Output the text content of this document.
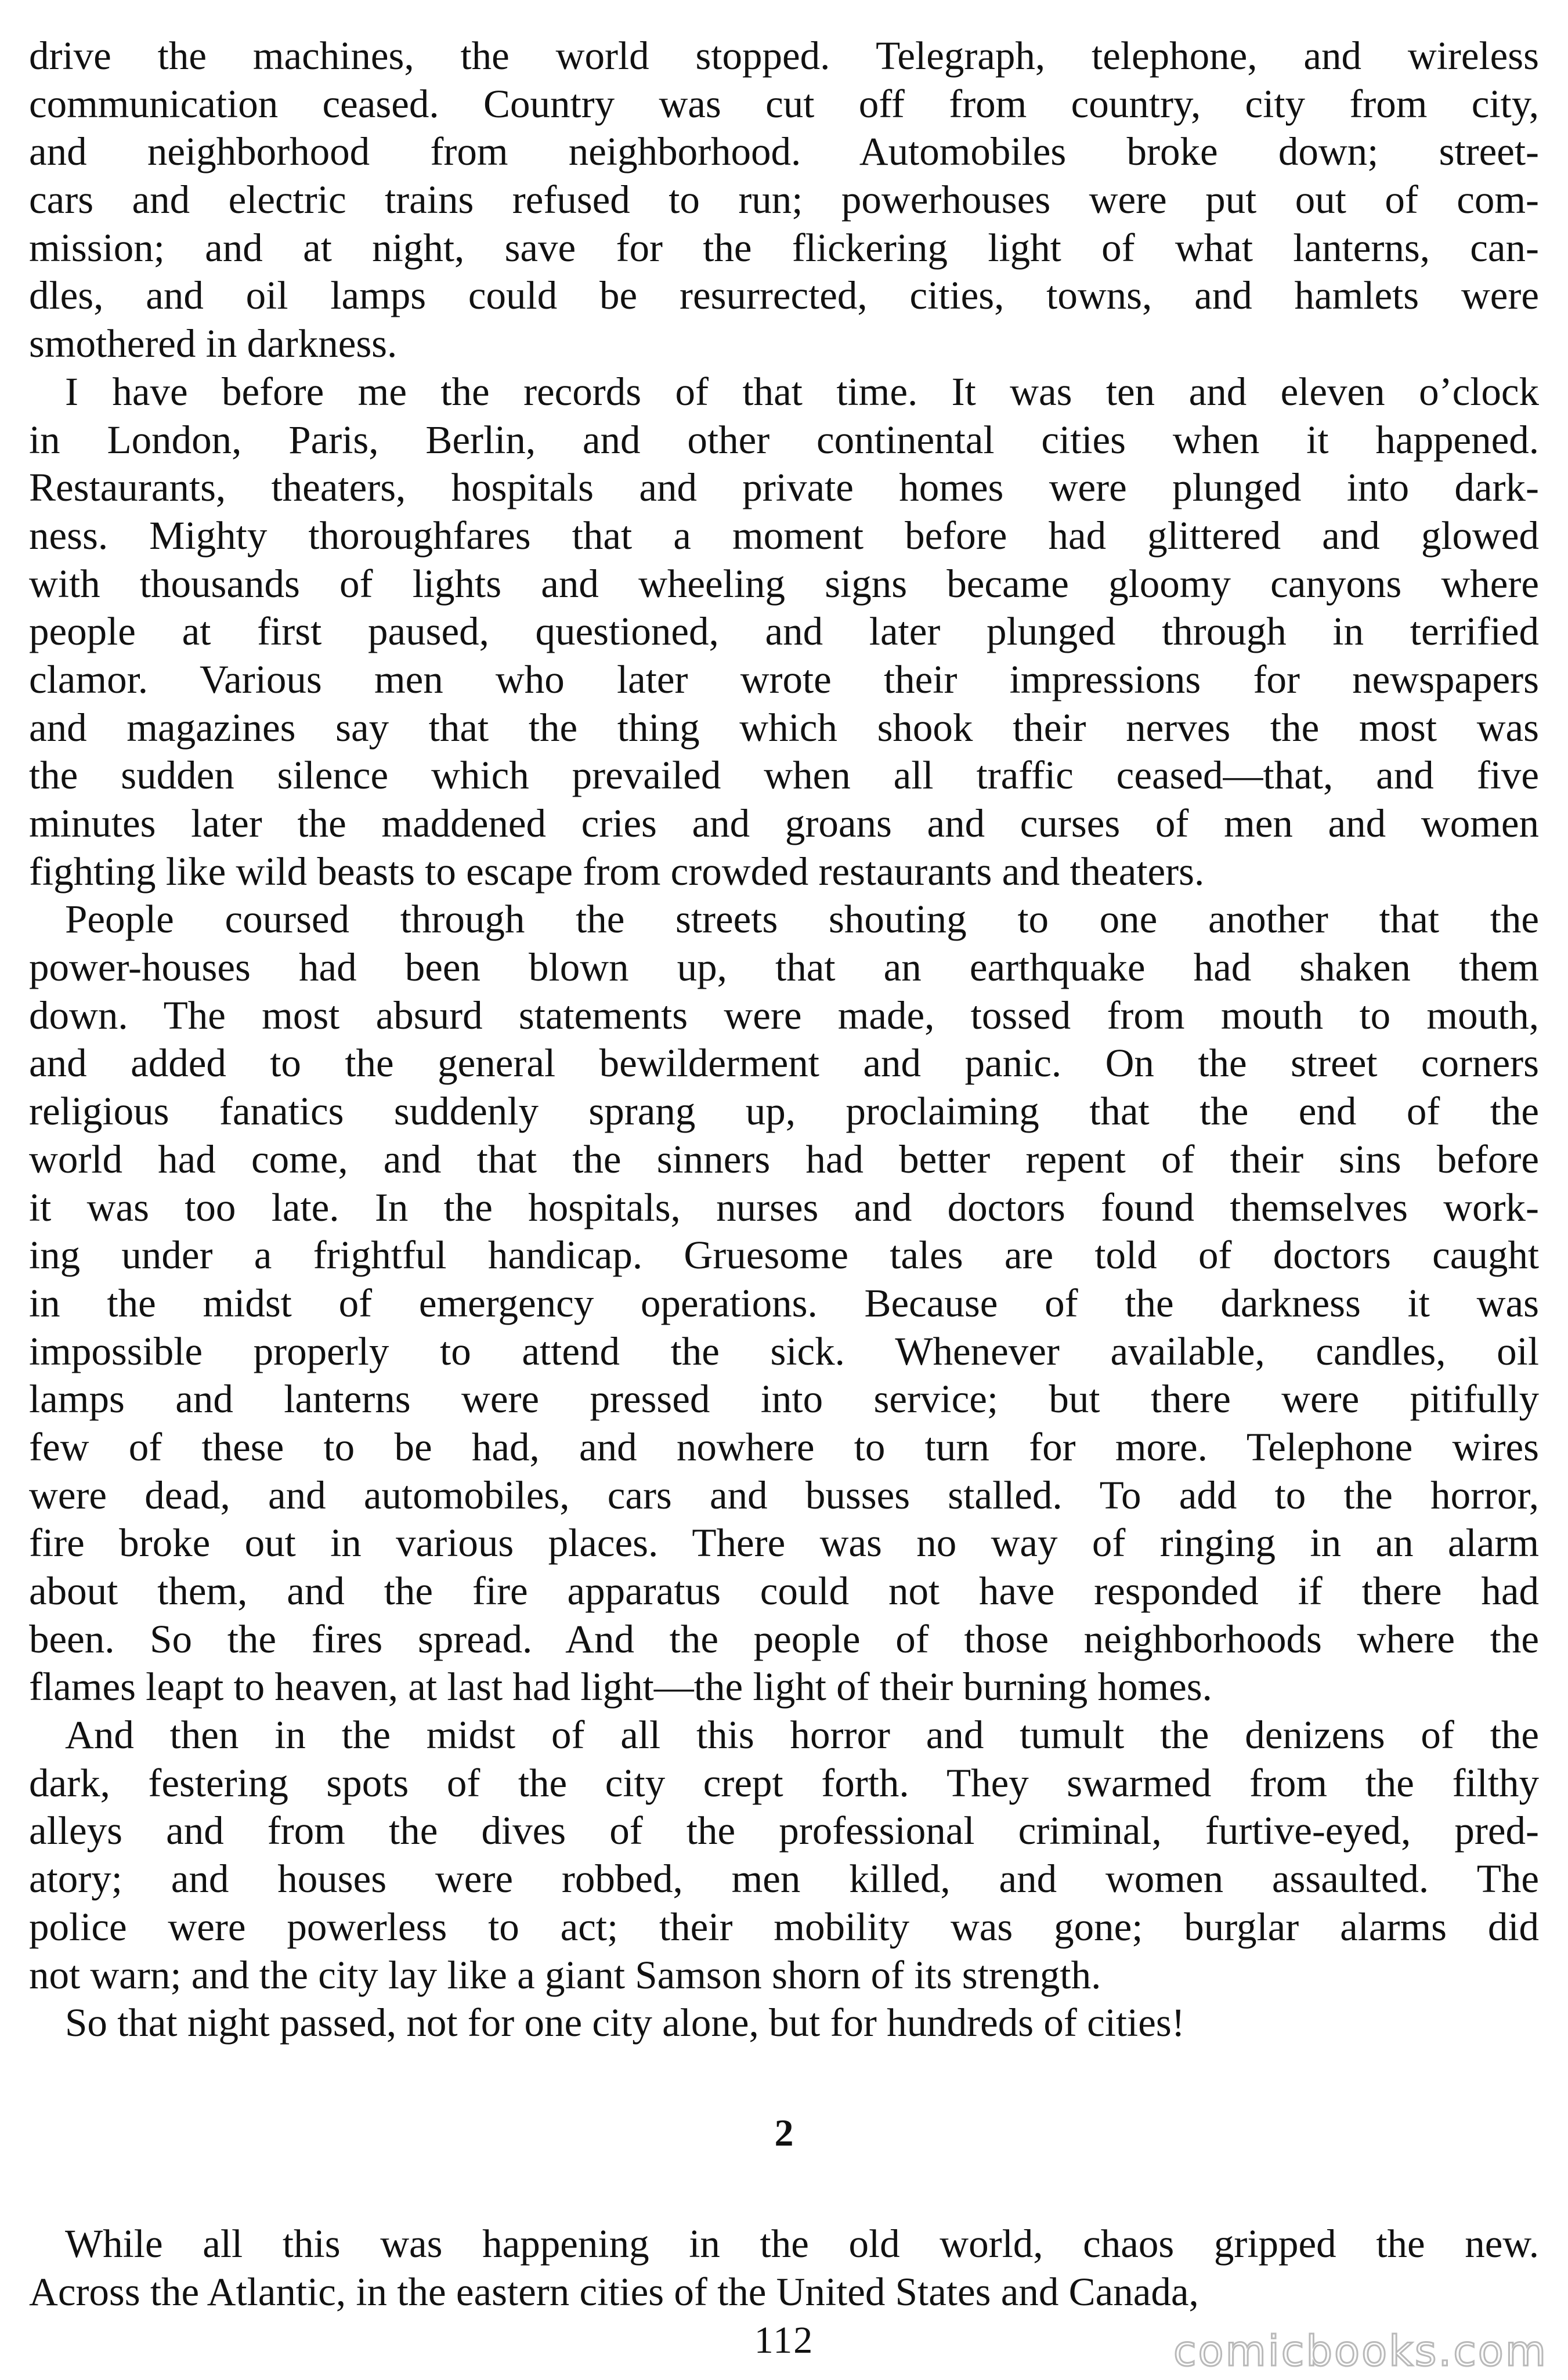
drive the machines, the world stopped. Telegraph, telephone, and wireless
communication ceased. Country was cut off from country, city from city,
and neighborhood from neighborhood. Automobiles broke down; street-
cars and electric trains refused to run; powerhouses were put out of com-
mission; and at night, save for the flickering light of what lanterns, can-
dles, and oil lamps could be resurrected, cities, towns, and hamlets were
smothered in darkness.
I have before me the records of that time. It was ten and eleven o’clock
in London, Paris, Berlin, and other continental cities when it happened.
Restaurants, theaters, hospitals and private homes were plunged into dark-
ness. Mighty thoroughfares that a moment before had glittered and glowed
with thousands of lights and wheeling signs became gloomy canyons where
people at first paused, questioned, and later plunged through in terrified
clamor. Various men who later wrote their impressions for newspapers
and magazines say that the thing which shook their nerves the most was
the sudden silence which prevailed when all traffic ceased—that, and five
minutes later the maddened cries and groans and curses of men and women
fighting like wild beasts to escape from crowded restaurants and theaters.
People coursed through the streets shouting to one another that the
power-houses had been blown up, that an earthquake had shaken them
down. The most absurd statements were made, tossed from mouth to mouth,
and added to the general bewilderment and panic. On the street corners
religious fanatics suddenly sprang up, proclaiming that the end of the
world had come, and that the sinners had better repent of their sins before
it was too late. In the hospitals, nurses and doctors found themselves work-
ing under a frightful handicap. Gruesome tales are told of doctors caught
in the midst of emergency operations. Because of the darkness it was
impossible properly to attend the sick. Whenever available, candles, oil
lamps and lanterns were pressed into service; but there were pitifully
few of these to be had, and nowhere to turn for more. Telephone wires
were dead, and automobiles, cars and busses stalled. To add to the horror,
fire broke out in various places. There was no way of ringing in an alarm
about them, and the fire apparatus could not have responded if there had
been. So the fires spread. And the people of those neighborhoods where the
flames leapt to heaven, at last had light—the light of their burning homes.
And then in the midst of all this horror and tumult the denizens of the
dark, festering spots of the city crept forth. They swarmed from the filthy
alleys and from the dives of the professional criminal, furtive-eyed, pred-
atory; and houses were robbed, men killed, and women assaulted. The
police were powerless to act; their mobility was gone; burglar alarms did
not warn; and the city lay like a giant Samson shorn of its strength.
So that night passed, not for one city alone, but for hundreds of cities!
2
While all this was happening in the old world, chaos gripped the new.
Across the Atlantic, in the eastern cities of the United States and Canada,
112	comicbooks.com
